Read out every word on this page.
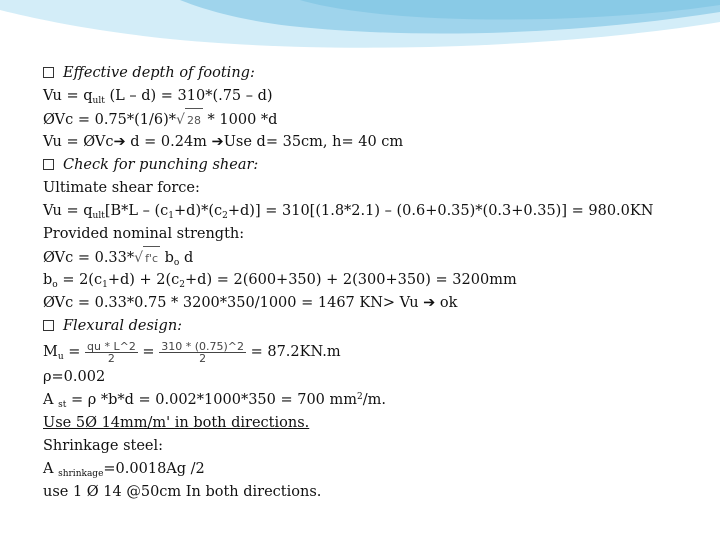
Effective depth of footing:
$Vu = q_{ult}$ (L – d) = 310*(.75 – d)
ØVc = 0.75*(1/6)* √ 28 * 1000 *d
Vu = ØVc➔ d = 0.24m ➔Use d= 35cm, h= 40 cm
Check for punching shear:
Ultimate shear force:
$Vu = q_{ult}[B*L - (c_1+d)*(c_2+d)] = 310[(1.8*2.1) - (0.6+0.35)*(0.3+0.35)] = 980.0KN$
Provided nominal strength:
ØVc = 0.33* √ f'c $b_o$ d
$b_o = 2(c_1+d) + 2(c_2+d) = 2(600+350) + 2(300+350) = 3200mm$
ØVc = 0.33*0.75 * 3200*350/1000 = 1467 KN> Vu ➔ ok
Flexural design:
$M_u = \frac{qu * L\^{}2}{2} = \frac{310 * (0.75)\^{}2}{2} = 87.2KN.m$
ρ=0.002
A $_{st}$ = ρ *b*d = 0.002*1000*350 = 700 $mm^2/m$.
Use 5Ø 14mm/m' in both directions.
Shrinkage steel:
A $_{shrinkage}$=0.0018Ag /2
use 1 Ø 14 @50cm In both directions.
